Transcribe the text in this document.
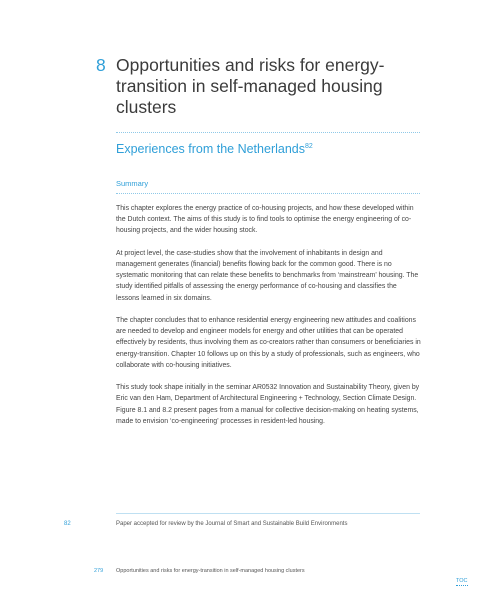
8 Opportunities and risks for energy-transition in self-managed housing clusters
Experiences from the Netherlands$^{82}$
Summary

This chapter explores the energy practice of co-housing projects, and how these developed within the Dutch context. The aims of this study is to find tools to optimise the energy engineering of co-housing projects, and the wider housing stock.

At project level, the case-studies show that the involvement of inhabitants in design and management generates (financial) benefits flowing back for the common good. There is no systematic monitoring that can relate these benefits to benchmarks from ‘mainstream’ housing. The study identified pitfalls of assessing the energy performance of co-housing and classifies the lessons learned in six domains.

The chapter concludes that to enhance residential energy engineering new attitudes and coalitions are needed to develop and engineer models for energy and other utilities that can be operated effectively by residents, thus involving them as co-creators rather than consumers or beneficiaries in energy-transition. Chapter 10 follows up on this by a study of professionals, such as engineers, who collaborate with co-housing initiatives.

This study took shape initially in the seminar AR0532 Innovation and Sustainability Theory, given by Eric van den Ham, Department of Architectural Engineering + Technology, Section Climate Design. Figure 8.1 and 8.2 present pages from a manual for collective decision-making on heating systems, made to envision ‘co-engineering’ processes in resident-led housing.

82	Paper accepted for review by the Journal of Smart and Sustainable Build Environments
279 Opportunities and risks for energy-transition in self-managed housing clusters
TOC
